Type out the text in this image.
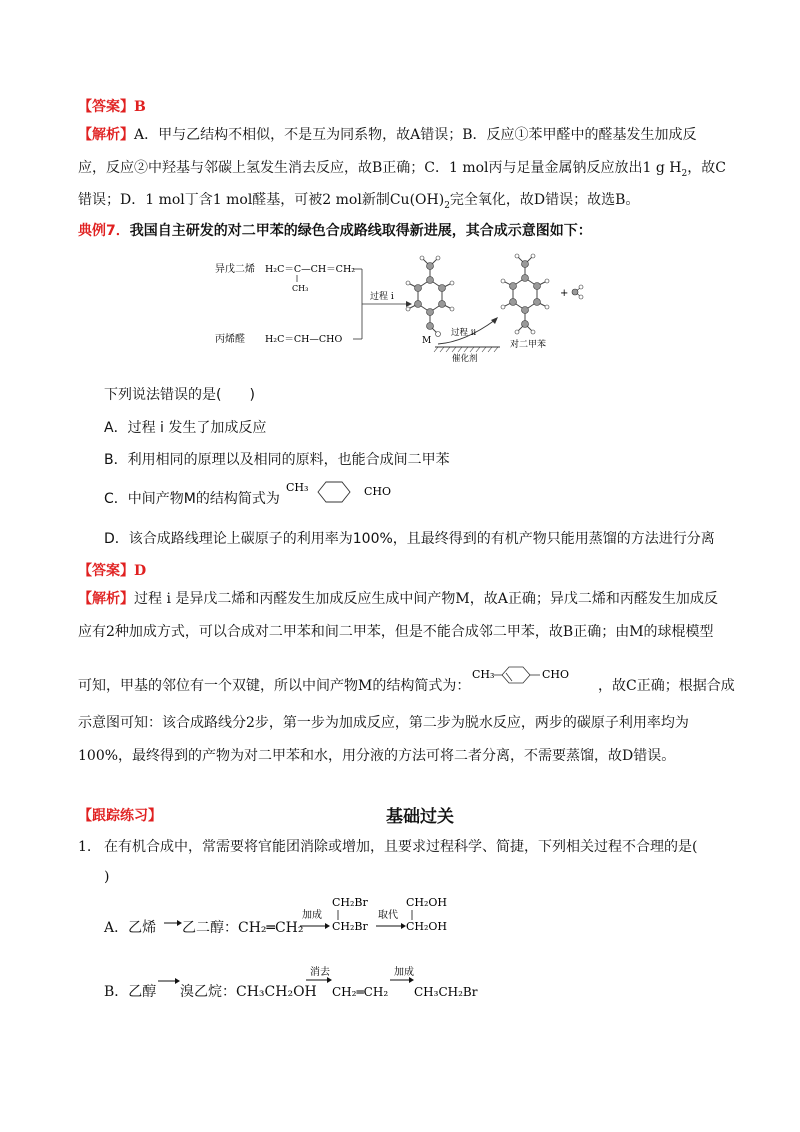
【答案】B
【解析】A．甲与乙结构不相似，不是互为同系物，故A错误；B．反应①苯甲醛中的醛基发生加成反
应，反应②中羟基与邻碳上氢发生消去反应，故B正确；C．1 mol丙与足量金属钠反应放出1 g $H_2$，故C
错误；D．1 mol丁含1 mol醛基，可被2 mol新制$Cu(OH)_2$完全氧化，故D错误；故选B。
典例7．我国自主研发的对二甲苯的绿色合成路线取得新进展，其合成示意图如下：
异戊二烯 H₂C＝C—CH＝CH₂
CH₃
丙烯醛 H₂C＝CH—CHO
过程 i
M
过程 ii
催化剂
对二甲苯
+
下列说法错误的是(　　)
A．过程 i 发生了加成反应
B．利用相同的原理以及相同的原料，也能合成间二甲苯
C．中间产物M的结构简式为
CH₃	CHO
D．该合成路线理论上碳原子的利用率为100%，且最终得到的有机产物只能用蒸馏的方法进行分离
【答案】D
【解析】过程 i 是异戊二烯和丙醛发生加成反应生成中间产物M，故A正确；异戊二烯和丙醛发生加成反
应有2种加成方式，可以合成对二甲苯和间二甲苯，但是不能合成邻二甲苯，故B正确；由M的球棍模型
可知，甲基的邻位有一个双键，所以中间产物M的结构简式为：
CH₃	CHO
，故C正确；根据合成
示意图可知：该合成路线分2步，第一步为加成反应，第二步为脱水反应，两步的碳原子利用率均为
100%，最终得到的产物为对二甲苯和水，用分液的方法可将二者分离，不需要蒸馏，故D错误。
【跟踪练习】	基础过关
1. 在有机合成中，常需要将官能团消除或增加，且要求过程科学、简捷，下列相关过程不合理的是(
)
A．乙烯 乙二醇：CH₂═CH₂
加成
CH₂Br
CH₂Br
取代
CH₂OH
CH₂OH
B．乙醇 溴乙烷：CH₃CH₂OH
消去
CH₂═CH₂
加成
CH₃CH₂Br
